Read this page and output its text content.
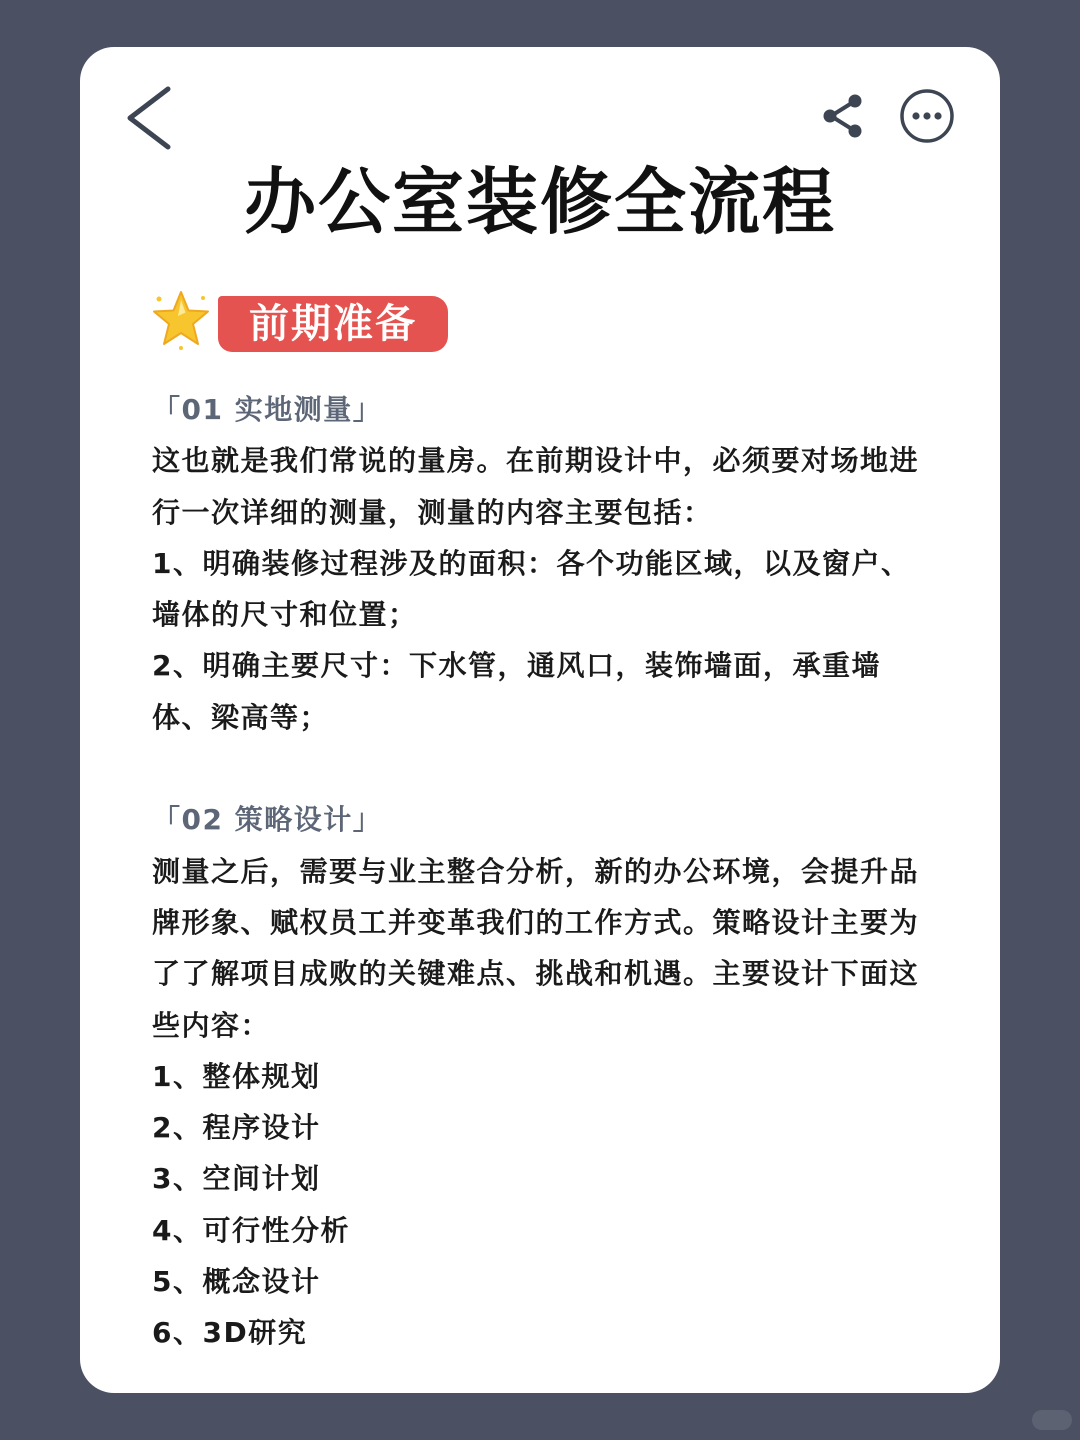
办公室装修全流程
前期准备
「01 实地测量」
这也就是我们常说的量房。在前期设计中，必须要对场地进
行一次详细的测量，测量的内容主要包括：
1、明确装修过程涉及的面积：各个功能区域，以及窗户、
墙体的尺寸和位置；
2、明确主要尺寸：下水管，通风口，装饰墙面，承重墙
体、梁高等；
「02 策略设计」
测量之后，需要与业主整合分析，新的办公环境，会提升品
牌形象、赋权员工并变革我们的工作方式。策略设计主要为
了了解项目成败的关键难点、挑战和机遇。主要设计下面这
些内容：
1、整体规划
2、程序设计
3、空间计划
4、可行性分析
5、概念设计
6、3D研究
